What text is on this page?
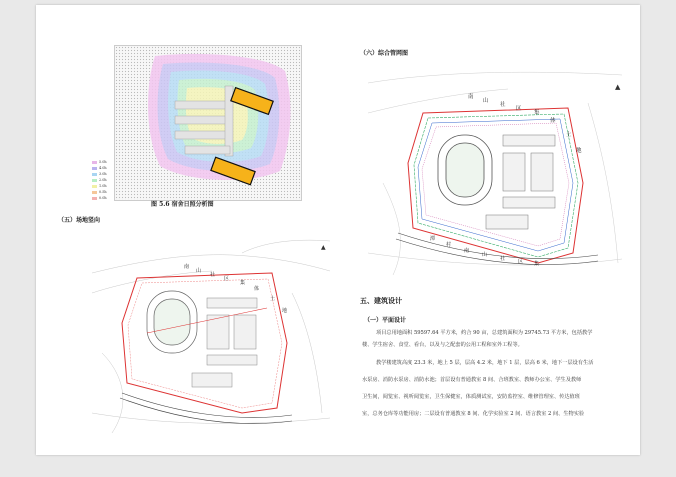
5.0h
4.0h
3.0h
2.0h
1.0h
0.5h
0.0h
图 5.6 宿舍日照分析图
（五）场地竖向
▲
南
山
社
区
集
体
土
地
（六）综合管网图
▲
南
山
社
区
集
体
土
地
潭
村
南
山
社	区 集
五、建筑设计
（一）平面设计
项目总用地面积 59597.64 平方米，约合 90 亩，总建筑面积为 29745.73 平方米，包括教学
楼、学生宿舍、食堂、看台，以及与之配套的公用工程和室外工程等。
教学楼建筑高度 23.3 米，地上 5 层，层高 4.2 米，地下 1 层，层高 6 米，地下一层设有生活
水泵房、消防水泵房、消防水池；首层设有普通教室 8 间、合班教室、教师办公室、学生及教师
卫生间，阅览室、视听阅览室，卫生保健室，体质测试室，安防监控室、维修管理室、传达值班
室，总务仓库等功能用房；二层设有普通教室 8 间、化学实验室 2 间、语言教室 2 间、生物实验
